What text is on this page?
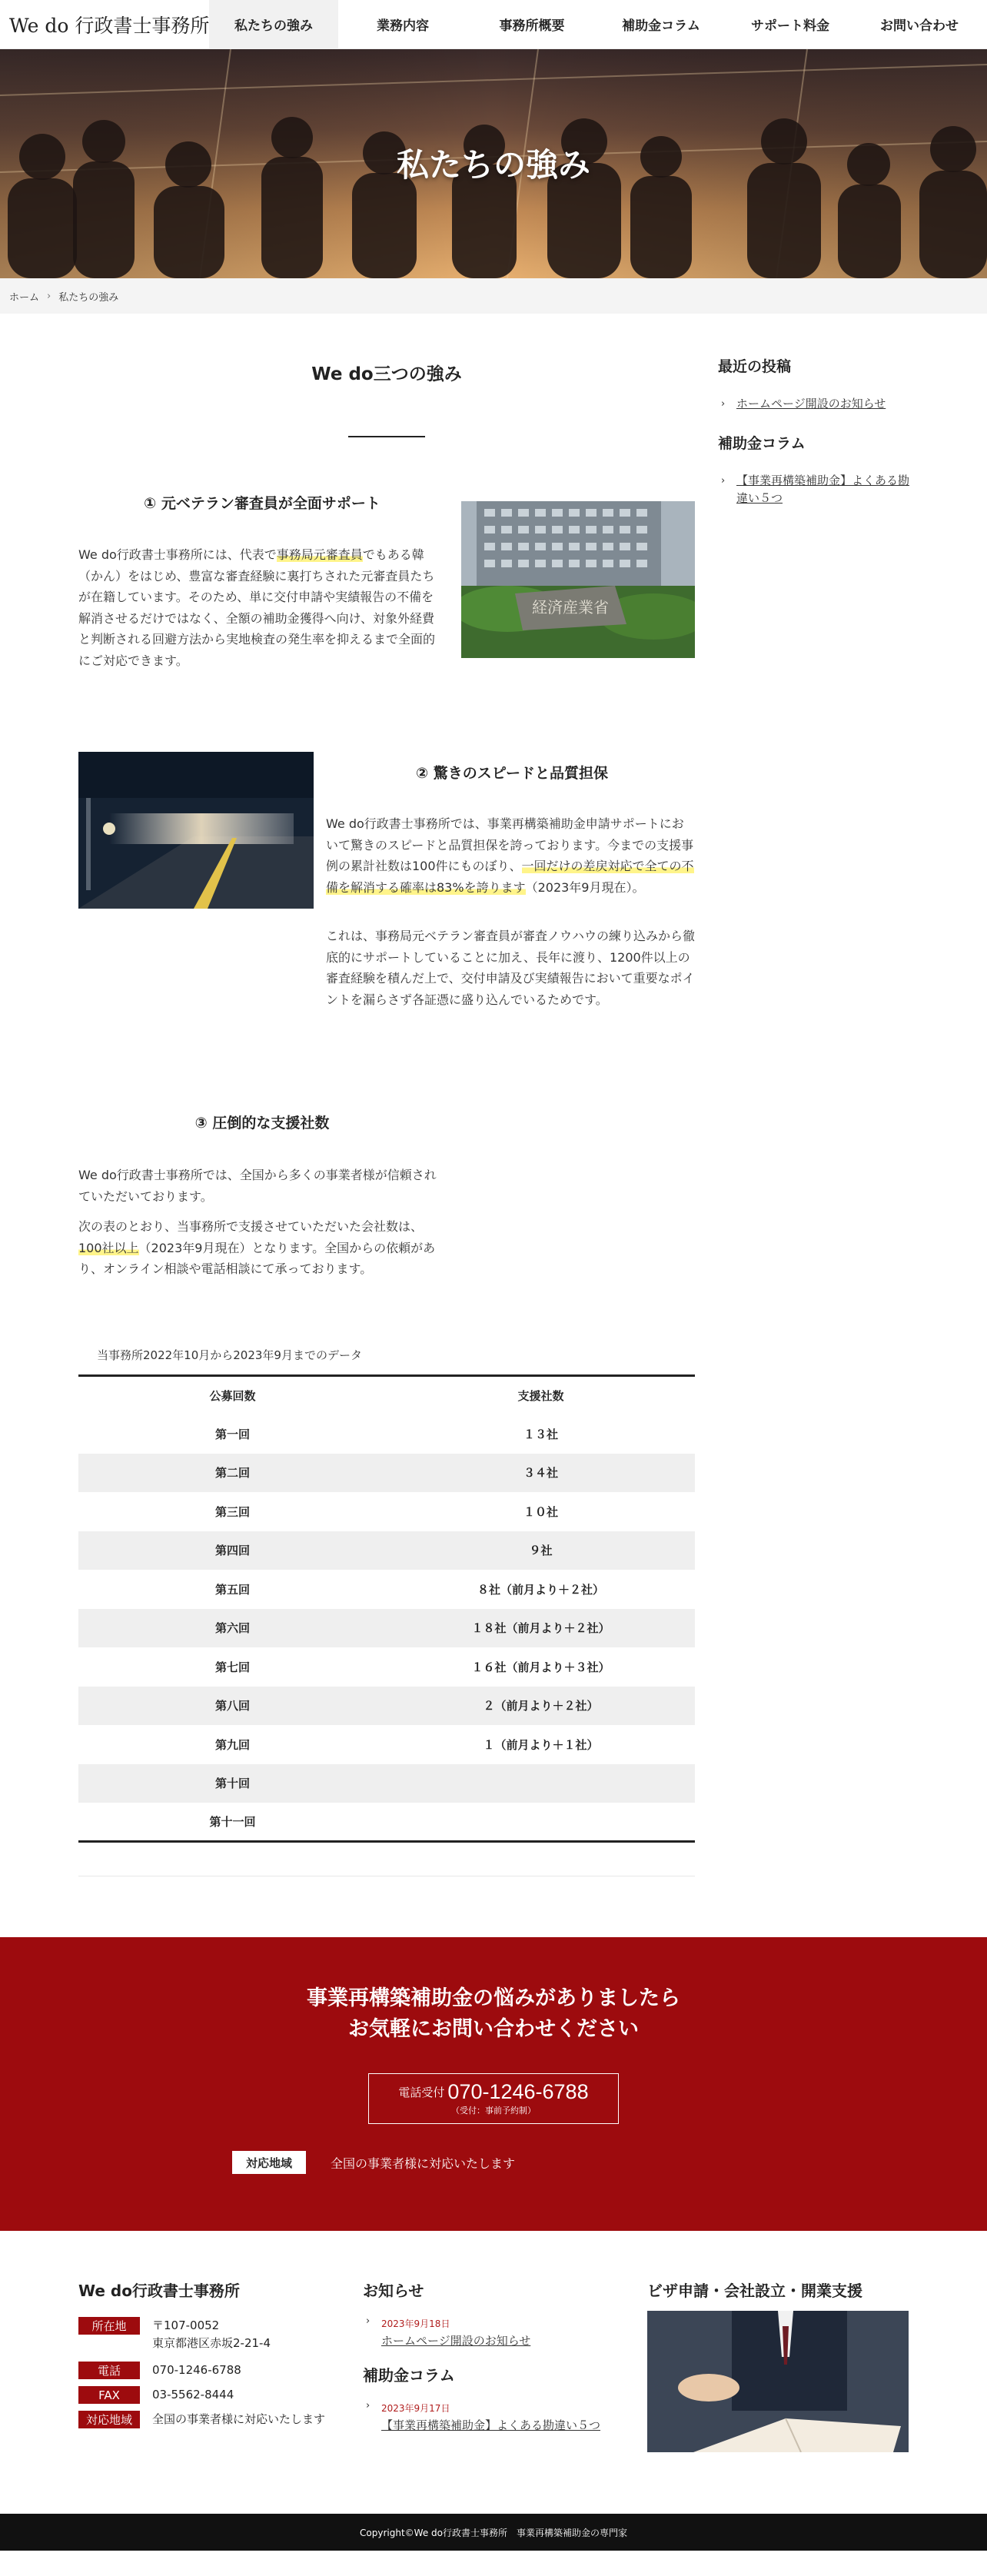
We do 行政書士事務所	私たちの強み	業務内容	事務所概要	補助金コラム	サポート料金	お問い合わせ
私たちの強み
ホーム › 私たちの強み
We do三つの強み
① 元ベテラン審査員が全面サポート

We do行政書士事務所には、代表で事務局元審査員でもある韓（かん）をはじめ、豊富な審査経験に裏打ちされた元審査員たちが在籍しています。そのため、単に交付申請や実績報告の不備を解消させるだけではなく、全額の補助金獲得へ向け、対象外経費と判断される回避方法から実地検査の発生率を抑えるまで全面的にご対応できます。

経済産業省
② 驚きのスピードと品質担保

We do行政書士事務所では、事業再構築補助金申請サポートにおいて驚きのスピードと品質担保を誇っております。今までの支援事例の累計社数は100件にものぼり、一回だけの差戻対応で全ての不備を解消する確率は83%を誇ります（2023年9月現在）。

これは、事務局元ベテラン審査員が審査ノウハウの練り込みから徹底的にサポートしていることに加え、長年に渡り、1200件以上の審査経験を積んだ上で、交付申請及び実績報告において重要なポイントを漏らさず各証憑に盛り込んでいるためです。

③ 圧倒的な支援社数

We do行政書士事務所では、全国から多くの事業者様が信頼されていただいております。

次の表のとおり、当事務所で支援させていただいた会社数は、100社以上（2023年9月現在）となります。全国からの依頼があり、オンライン相談や電話相談にて承っております。

当事務所2022年10月から2023年9月までのデータ
公募回数	支援社数
第一回	１３社
第二回	３４社
第三回	１０社
第四回	９社
第五回	８社（前月より＋２社）
第六回	１８社（前月より＋２社）
第七回	１６社（前月より＋３社）
第八回	２（前月より＋２社）
第九回	１（前月より＋１社）
第十回	
第十一回	
最近の投稿
› ホームページ開設のお知らせ
補助金コラム
› 【事業再構築補助金】よくある勘違い５つ
事業再構築補助金の悩みがありましたら
お気軽にお問い合わせください
電話受付 070-1246-6788
（受付：事前予約制）
対応地域	全国の事業者様に対応いたします
We do行政書士事務所
所在地	〒107-0052
東京都港区赤坂2-21-4
電話	070-1246-6788
FAX	03-5562-8444
対応地域	全国の事業者様に対応いたします
お知らせ
2023年9月18日
›
ホームページ開設のお知らせ
補助金コラム
2023年9月17日
›
【事業再構築補助金】よくある勘違い５つ
ビザ申請・会社設立・開業支援
Copyright©We do行政書士事務所　事業再構築補助金の専門家
